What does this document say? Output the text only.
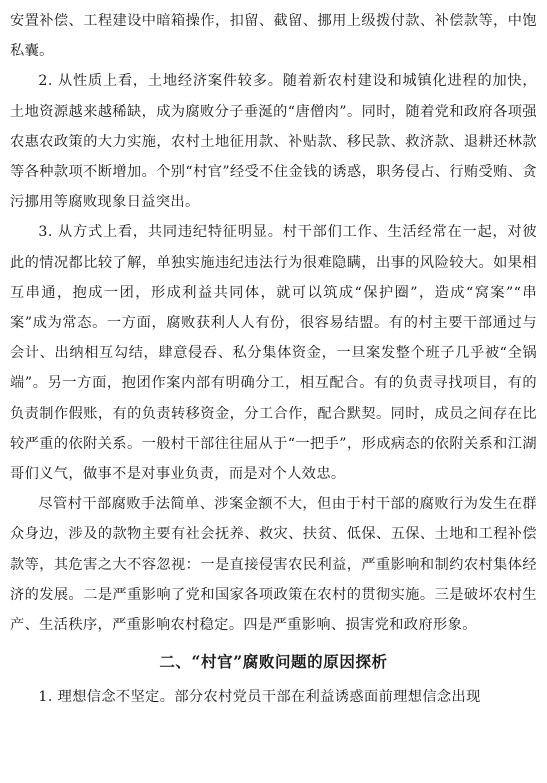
安置补偿、工程建设中暗箱操作，扣留、截留、挪用上级拨付款、补偿款等，中饱私囊。

2. 从性质上看，土地经济案件较多。随着新农村建设和城镇化进程的加快，土地资源越来越稀缺，成为腐败分子垂涎的“唐僧肉”。同时，随着党和政府各项强农惠农政策的大力实施，农村土地征用款、补贴款、移民款、救济款、退耕还林款等各种款项不断增加。个别“村官”经受不住金钱的诱惑，职务侵占、行贿受贿、贪污挪用等腐败现象日益突出。

3. 从方式上看，共同违纪特征明显。村干部们工作、生活经常在一起，对彼此的情况都比较了解，单独实施违纪违法行为很难隐瞒，出事的风险较大。如果相互串通，抱成一团，形成利益共同体，就可以筑成“保护圈”，造成“窝案”“串案”成为常态。一方面，腐败获利人人有份，很容易结盟。有的村主要干部通过与会计、出纳相互勾结，肆意侵吞、私分集体资金，一旦案发整个班子几乎被“全锅端”。另一方面，抱团作案内部有明确分工，相互配合。有的负责寻找项目，有的负责制作假账，有的负责转移资金，分工合作，配合默契。同时，成员之间存在比较严重的依附关系。一般村干部往往屈从于“一把手”，形成病态的依附关系和江湖哥们义气，做事不是对事业负责，而是对个人效忠。

尽管村干部腐败手法简单、涉案金额不大，但由于村干部的腐败行为发生在群众身边，涉及的款物主要有社会抚养、救灾、扶贫、低保、五保、土地和工程补偿款等，其危害之大不容忽视：一是直接侵害农民利益，严重影响和制约农村集体经济的发展。二是严重影响了党和国家各项政策在农村的贯彻实施。三是破坏农村生产、生活秩序，严重影响农村稳定。四是严重影响、损害党和政府形象。

二、“村官”腐败问题的原因探析

1. 理想信念不坚定。部分农村党员干部在利益诱惑面前理想信念出现
